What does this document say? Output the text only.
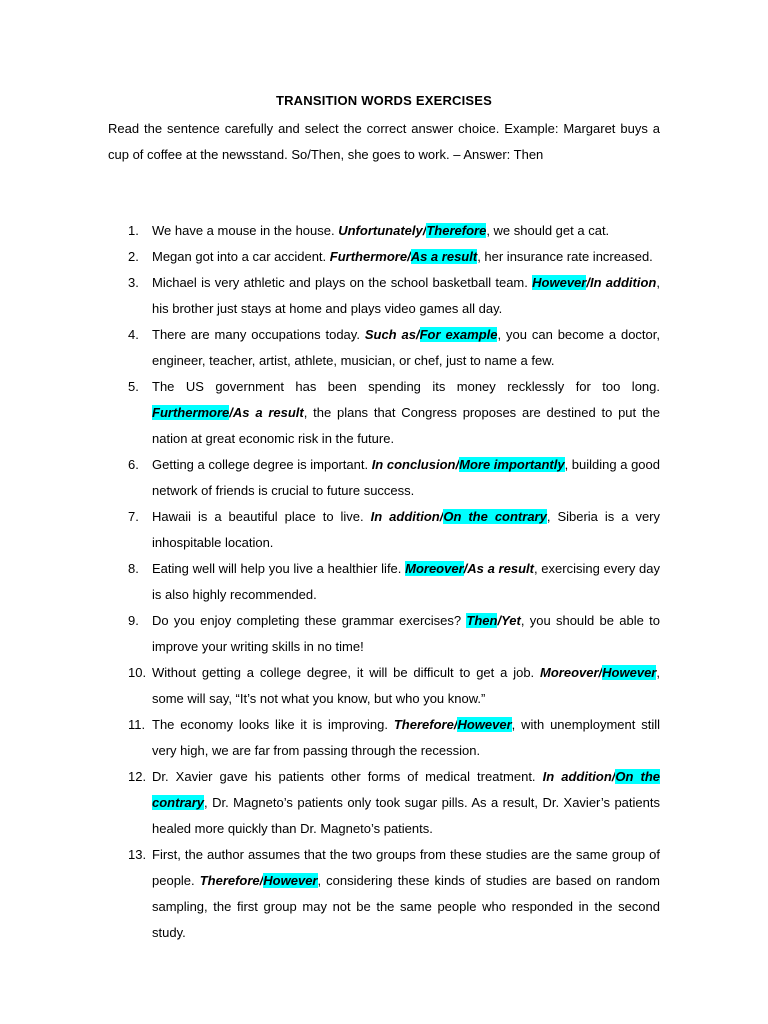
TRANSITION WORDS EXERCISES
Read the sentence carefully and select the correct answer choice. Example: Margaret buys a cup of coffee at the newsstand. So/Then, she goes to work. – Answer: Then
1. We have a mouse in the house. Unfortunately/Therefore, we should get a cat.
2. Megan got into a car accident. Furthermore/As a result, her insurance rate increased.
3. Michael is very athletic and plays on the school basketball team. However/In addition, his brother just stays at home and plays video games all day.
4. There are many occupations today. Such as/For example, you can become a doctor, engineer, teacher, artist, athlete, musician, or chef, just to name a few.
5. The US government has been spending its money recklessly for too long. Furthermore/As a result, the plans that Congress proposes are destined to put the nation at great economic risk in the future.
6. Getting a college degree is important. In conclusion/More importantly, building a good network of friends is crucial to future success.
7. Hawaii is a beautiful place to live. In addition/On the contrary, Siberia is a very inhospitable location.
8. Eating well will help you live a healthier life. Moreover/As a result, exercising every day is also highly recommended.
9. Do you enjoy completing these grammar exercises? Then/Yet, you should be able to improve your writing skills in no time!
10. Without getting a college degree, it will be difficult to get a job. Moreover/However, some will say, “It’s not what you know, but who you know.”
11. The economy looks like it is improving. Therefore/However, with unemployment still very high, we are far from passing through the recession.
12. Dr. Xavier gave his patients other forms of medical treatment. In addition/On the contrary, Dr. Magneto’s patients only took sugar pills. As a result, Dr. Xavier’s patients healed more quickly than Dr. Magneto’s patients.
13. First, the author assumes that the two groups from these studies are the same group of people. Therefore/However, considering these kinds of studies are based on random sampling, the first group may not be the same people who responded in the second study.
